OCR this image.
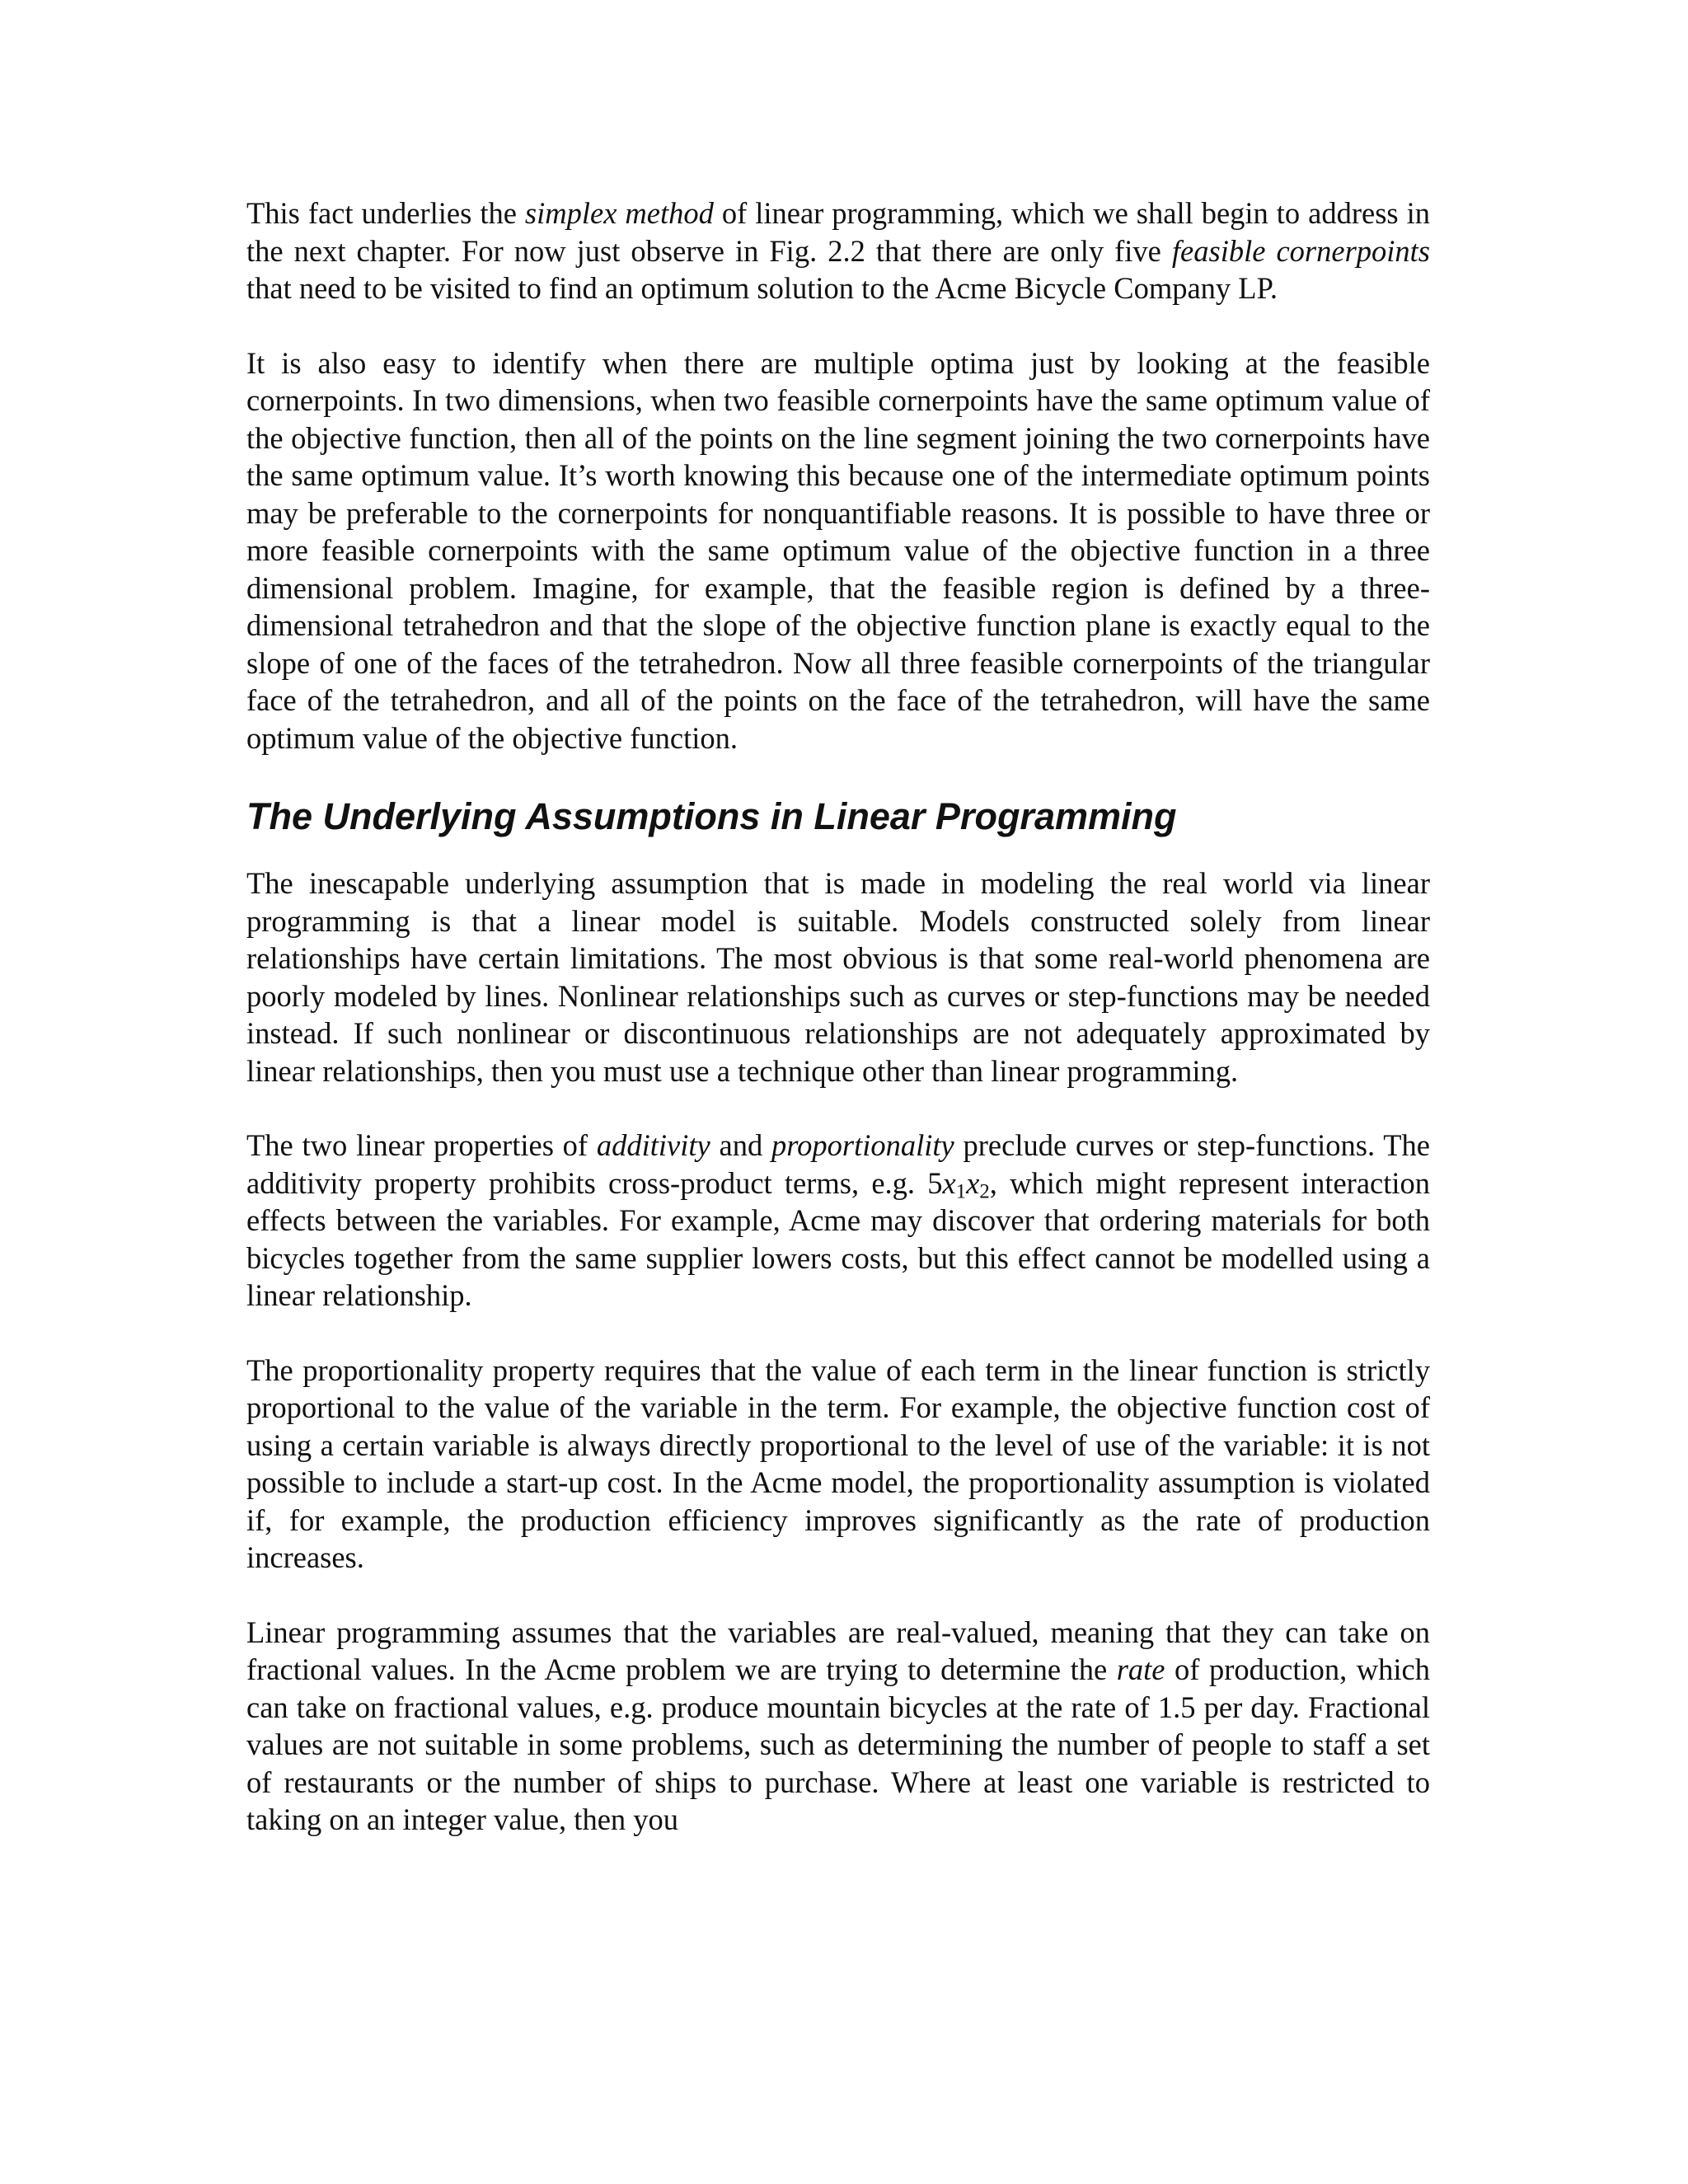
This fact underlies the simplex method of linear programming, which we shall begin to address in the next chapter. For now just observe in Fig. 2.2 that there are only five feasible cornerpoints that need to be visited to find an optimum solution to the Acme Bicycle Company LP.

It is also easy to identify when there are multiple optima just by looking at the feasible cornerpoints. In two dimensions, when two feasible cornerpoints have the same optimum value of the objective function, then all of the points on the line segment joining the two cornerpoints have the same optimum value. It’s worth knowing this because one of the intermediate optimum points may be preferable to the cornerpoints for nonquantifiable reasons. It is possible to have three or more feasible cornerpoints with the same optimum value of the objective function in a three dimensional problem. Imagine, for example, that the feasible region is defined by a three-dimensional tetrahedron and that the slope of the objective function plane is exactly equal to the slope of one of the faces of the tetrahedron. Now all three feasible cornerpoints of the triangular face of the tetrahedron, and all of the points on the face of the tetrahedron, will have the same optimum value of the objective function.

The Underlying Assumptions in Linear Programming

The inescapable underlying assumption that is made in modeling the real world via linear programming is that a linear model is suitable. Models constructed solely from linear relationships have certain limitations. The most obvious is that some real-world phenomena are poorly modeled by lines. Nonlinear relationships such as curves or step-functions may be needed instead. If such nonlinear or discontinuous relationships are not adequately approximated by linear relationships, then you must use a technique other than linear programming.

The two linear properties of additivity and proportionality preclude curves or step-functions. The additivity property prohibits cross-product terms, e.g. $5x_1x_2$, which might represent interaction effects between the variables. For example, Acme may discover that ordering materials for both bicycles together from the same supplier lowers costs, but this effect cannot be modelled using a linear relationship.

The proportionality property requires that the value of each term in the linear function is strictly proportional to the value of the variable in the term. For example, the objective function cost of using a certain variable is always directly proportional to the level of use of the variable: it is not possible to include a start-up cost. In the Acme model, the proportionality assumption is violated if, for example, the production efficiency improves significantly as the rate of production increases.

Linear programming assumes that the variables are real-valued, meaning that they can take on fractional values. In the Acme problem we are trying to determine the rate of production, which can take on fractional values, e.g. produce mountain bicycles at the rate of 1.5 per day. Fractional values are not suitable in some problems, such as determining the number of people to staff a set of restaurants or the number of ships to purchase. Where at least one variable is restricted to taking on an integer value, then you
